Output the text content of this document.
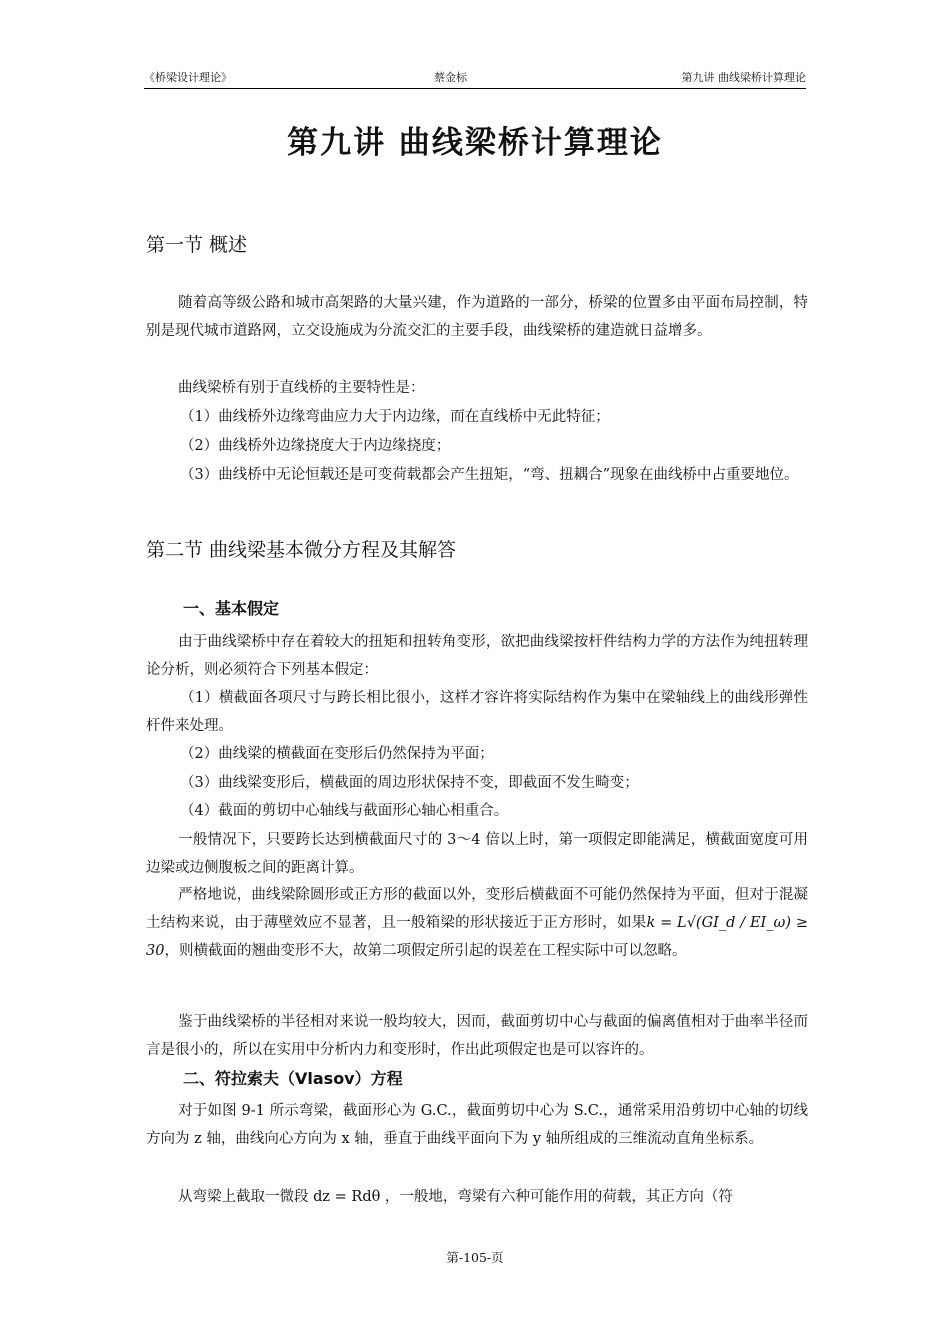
《桥梁设计理论》	蔡金标	第九讲 曲线梁桥计算理论
第九讲 曲线梁桥计算理论
第一节 概述
随着高等级公路和城市高架路的大量兴建，作为道路的一部分，桥梁的位置多由平面布局控制，特别是现代城市道路网，立交设施成为分流交汇的主要手段，曲线梁桥的建造就日益增多。
曲线梁桥有别于直线桥的主要特性是：
（1）曲线桥外边缘弯曲应力大于内边缘，而在直线桥中无此特征；
（2）曲线桥外边缘挠度大于内边缘挠度；
（3）曲线桥中无论恒载还是可变荷载都会产生扭矩，“弯、扭耦合”现象在曲线桥中占重要地位。
第二节 曲线梁基本微分方程及其解答
一、基本假定
由于曲线梁桥中存在着较大的扭矩和扭转角变形，欲把曲线梁按杆件结构力学的方法作为纯扭转理论分析，则必须符合下列基本假定：
（1）横截面各项尺寸与跨长相比很小，这样才容许将实际结构作为集中在梁轴线上的曲线形弹性杆件来处理。
（2）曲线梁的横截面在变形后仍然保持为平面；
（3）曲线梁变形后，横截面的周边形状保持不变，即截面不发生畸变；
（4）截面的剪切中心轴线与截面形心轴心相重合。
一般情况下，只要跨长达到横截面尺寸的 3～4 倍以上时，第一项假定即能满足，横截面宽度可用边梁或边侧腹板之间的距离计算。
严格地说，曲线梁除圆形或正方形的截面以外，变形后横截面不可能仍然保持为平面，但对于混凝土结构来说，由于薄壁效应不显著，且一般箱梁的形状接近于正方形时，如果k = L√(GI_d / EI_ω) ≥ 30，则横截面的翘曲变形不大，故第二项假定所引起的误差在工程实际中可以忽略。
鉴于曲线梁桥的半径相对来说一般均较大，因而，截面剪切中心与截面的偏离值相对于曲率半径而言是很小的，所以在实用中分析内力和变形时，作出此项假定也是可以容许的。
二、符拉索夫（Vlasov）方程
对于如图 9-1 所示弯梁，截面形心为 G.C.，截面剪切中心为 S.C.，通常采用沿剪切中心轴的切线方向为 z 轴，曲线向心方向为 x 轴，垂直于曲线平面向下为 y 轴所组成的三维流动直角坐标系。
从弯梁上截取一微段 dz = Rdθ ，一般地，弯梁有六种可能作用的荷载，其正方向（符
第-105-页
